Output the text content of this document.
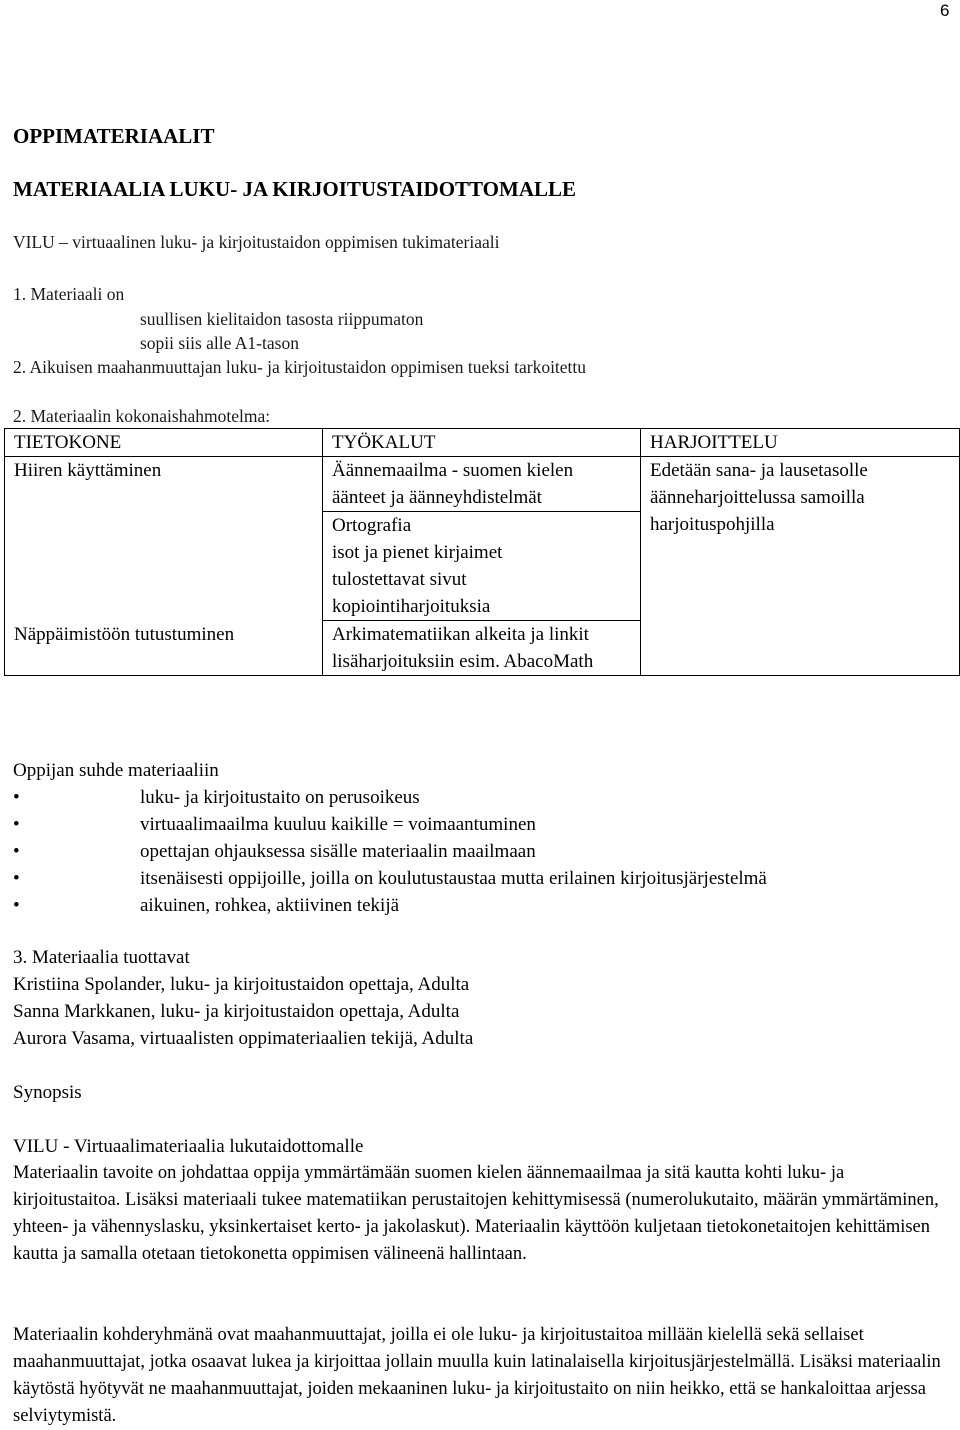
6
OPPIMATERIAALIT
MATERIAALIA LUKU- JA KIRJOITUSTAIDOTTOMALLE
VILU – virtuaalinen luku- ja kirjoitustaidon oppimisen tukimateriaali
1. Materiaali on
suullisen kielitaidon tasosta riippumaton
sopii siis alle A1-tason
2. Aikuisen maahanmuuttajan luku- ja kirjoitustaidon oppimisen tueksi tarkoitettu
2. Materiaalin kokonaishahmotelma:
TIETOKONE	TYÖKALUT	HARJOITTELU
Hiiren käyttäminen	Äännemaailma - suomen kielen äänteet ja äänneyhdistelmät	Edetään sana- ja lausetasolle äänneharjoittelussa samoilla harjoituspohjilla

	Ortografia
isot ja pienet kirjaimet
tulostettavat sivut
kopiointiharjoituksia	

Näppäimistöön tutustuminen	Arkimatematiikan alkeita ja linkit lisäharjoituksiin esim. AbacoMath	
Oppijan suhde materiaaliin
•	luku- ja kirjoitustaito on perusoikeus
•	virtuaalimaailma kuuluu kaikille = voimaantuminen
•	opettajan ohjauksessa sisälle materiaalin maailmaan
•	itsenäisesti oppijoille, joilla on koulutustaustaa mutta erilainen kirjoitusjärjestelmä
•	aikuinen, rohkea, aktiivinen tekijä
3. Materiaalia tuottavat
Kristiina Spolander, luku- ja kirjoitustaidon opettaja, Adulta
Sanna Markkanen, luku- ja kirjoitustaidon opettaja, Adulta
Aurora Vasama, virtuaalisten oppimateriaalien tekijä, Adulta
Synopsis
VILU - Virtuaalimateriaalia lukutaidottomalle
Materiaalin tavoite on johdattaa oppija ymmärtämään suomen kielen äännemaailmaa ja sitä kautta kohti luku- ja kirjoitustaitoa. Lisäksi materiaali tukee matematiikan perustaitojen kehittymisessä (numerolukutaito, määrän ymmärtäminen, yhteen- ja vähennyslasku, yksinkertaiset kerto- ja jakolaskut). Materiaalin käyttöön kuljetaan tietokonetaitojen kehittämisen kautta ja samalla otetaan tietokonetta oppimisen välineenä hallintaan.
Materiaalin kohderyhmänä ovat maahanmuuttajat, joilla ei ole luku- ja kirjoitustaitoa millään kielellä sekä sellaiset maahanmuuttajat, jotka osaavat lukea ja kirjoittaa jollain muulla kuin latinalaisella kirjoitusjärjestelmällä. Lisäksi materiaalin käytöstä hyötyvät ne maahanmuuttajat, joiden mekaaninen luku- ja kirjoitustaito on niin heikko, että se hankaloittaa arjessa selviytymistä.
